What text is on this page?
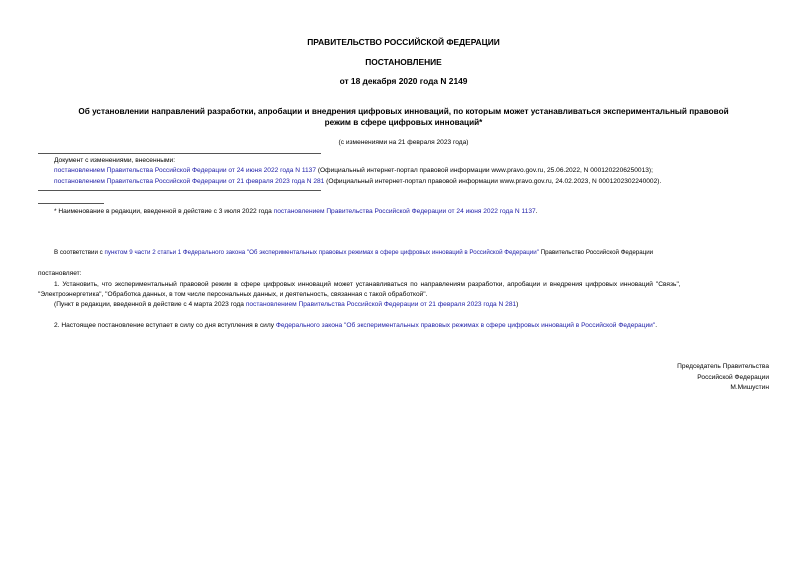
ПРАВИТЕЛЬСТВО РОССИЙСКОЙ ФЕДЕРАЦИИ
ПОСТАНОВЛЕНИЕ
от 18 декабря 2020 года N 2149
Об установлении направлений разработки, апробации и внедрения цифровых инноваций, по которым может устанавливаться экспериментальный правовой
режим в сфере цифровых инноваций*
(с изменениями на 21 февраля 2023 года)
Документ с изменениями, внесенными:
постановлением Правительства Российской Федерации от 24 июня 2022 года N 1137 (Официальный интернет-портал правовой информации www.pravo.gov.ru, 25.06.2022, N 0001202206250013);
постановлением Правительства Российской Федерации от 21 февраля 2023 года N 281 (Официальный интернет-портал правовой информации www.pravo.gov.ru, 24.02.2023, N 0001202302240002).
* Наименование в редакции, введенной в действие с 3 июля 2022 года постановлением Правительства Российской Федерации от 24 июня 2022 года N 1137.
В соответствии с пунктом 9 части 2 статьи 1 Федерального закона "Об экспериментальных правовых режимах в сфере цифровых инноваций в Российской Федерации" Правительство Российской Федерации
постановляет:
1. Установить, что экспериментальный правовой режим в сфере цифровых инноваций может устанавливаться по направлениям разработки, апробации и внедрения цифровых инноваций "Связь",
"Электроэнергетика", "Обработка данных, в том числе персональных данных, и деятельность, связанная с такой обработкой".
(Пункт в редакции, введенной в действие с 4 марта 2023 года постановлением Правительства Российской Федерации от 21 февраля 2023 года N 281)
2. Настоящее постановление вступает в силу со дня вступления в силу Федерального закона "Об экспериментальных правовых режимах в сфере цифровых инноваций в Российской Федерации".
Председатель Правительства
Российской Федерации
М.Мишустин
